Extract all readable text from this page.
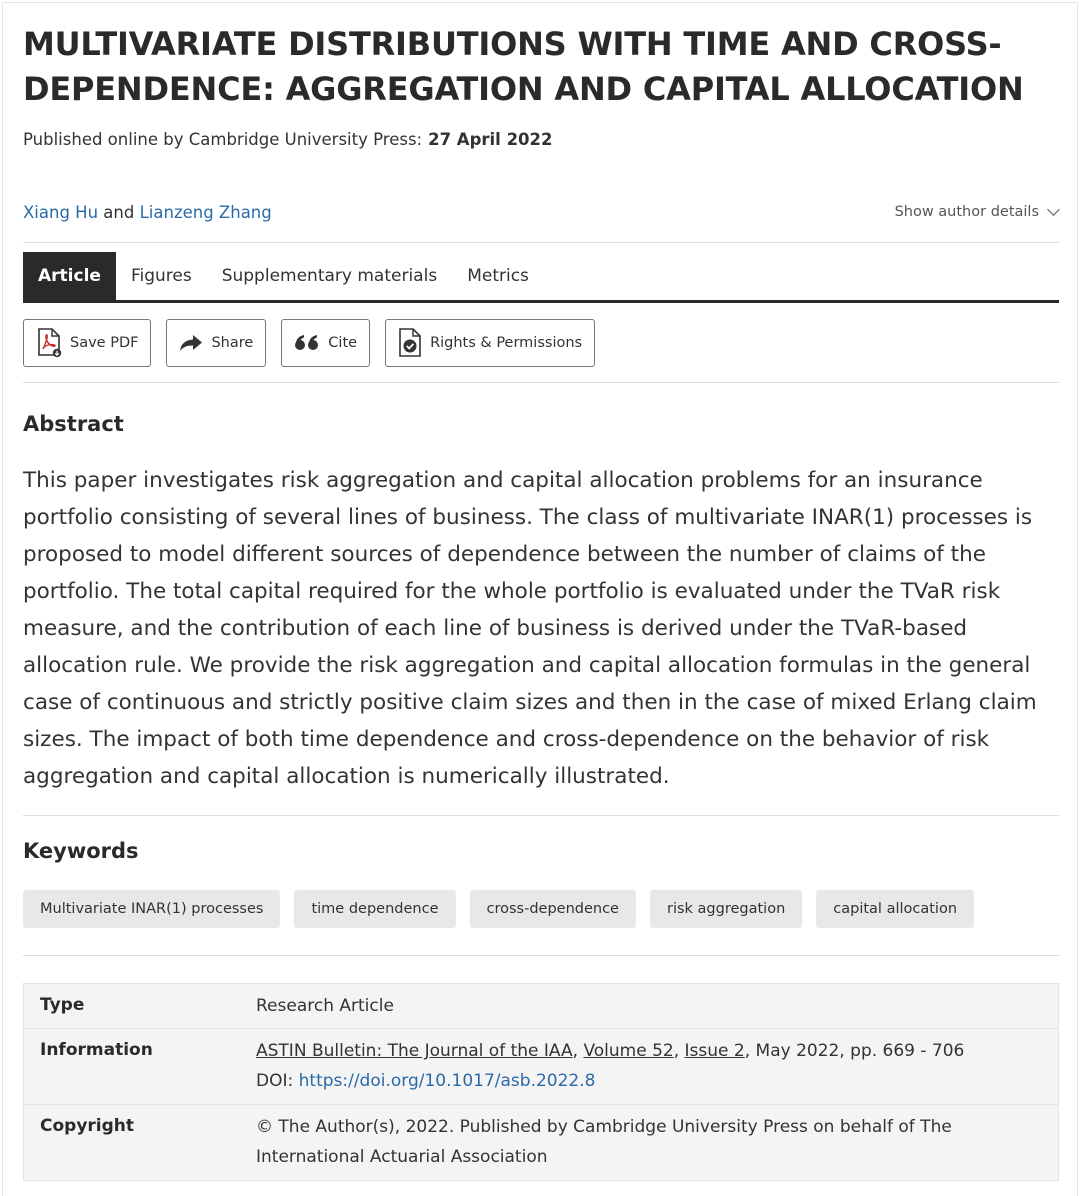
MULTIVARIATE DISTRIBUTIONS WITH TIME AND CROSS-DEPENDENCE: AGGREGATION AND CAPITAL ALLOCATION
Published online by Cambridge University Press: 27 April 2022
Xiang Hu and Lianzeng Zhang	Show author details
Article	Figures	Supplementary materials	Metrics
Save PDF	Share	Cite	Rights & Permissions
Abstract

This paper investigates risk aggregation and capital allocation problems for an insurance portfolio consisting of several lines of business. The class of multivariate INAR(1) processes is proposed to model different sources of dependence between the number of claims of the portfolio. The total capital required for the whole portfolio is evaluated under the TVaR risk measure, and the contribution of each line of business is derived under the TVaR-based allocation rule. We provide the risk aggregation and capital allocation formulas in the general case of continuous and strictly positive claim sizes and then in the case of mixed Erlang claim sizes. The impact of both time dependence and cross-dependence on the behavior of risk aggregation and capital allocation is numerically illustrated.

Keywords
Multivariate INAR(1) processes	time dependence	cross-dependence	risk aggregation	capital allocation
Type	Research Article
Information	ASTIN Bulletin: The Journal of the IAA, Volume 52, Issue 2, May 2022, pp. 669 - 706
DOI: https://doi.org/10.1017/asb.2022.8
Copyright	© The Author(s), 2022. Published by Cambridge University Press on behalf of The
International Actuarial Association
